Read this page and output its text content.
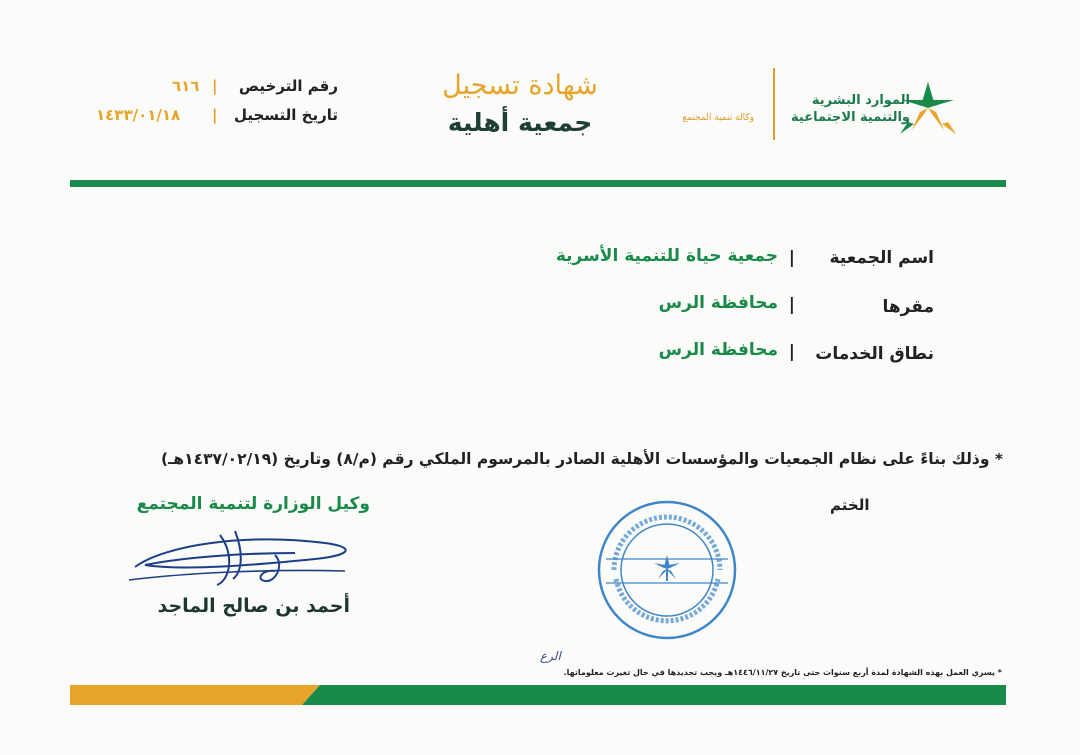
الموارد البشرية
والتنمية الاجتماعية
وكالة تنمية المجتمع
شهادة تسجيل
جمعية أهلية
رقم الترخيص
|
٦١٦
تاريخ التسجيل
|
١٤٣٣/٠١/١٨
اسم الجمعية
|
جمعية حياة للتنمية الأسرية
مقرها
|
محافظة الرس
نطاق الخدمات
|
محافظة الرس
* وذلك بناءً على نظام الجمعيات والمؤسسات الأهلية الصادر بالمرسوم الملكي رقم (م/٨) وتاريخ (١٤٣٧/٠٢/١٩هـ)
الختم
وكيل الوزارة لتنمية المجتمع
أحمد بن صالح الماجد
الرع
* يسري العمل بهذه الشهادة لمدة أربع سنوات حتى تاريخ ١٤٤٦/١١/٢٧هـ ويجب تجديدها في حال تغيرت معلوماتها.
